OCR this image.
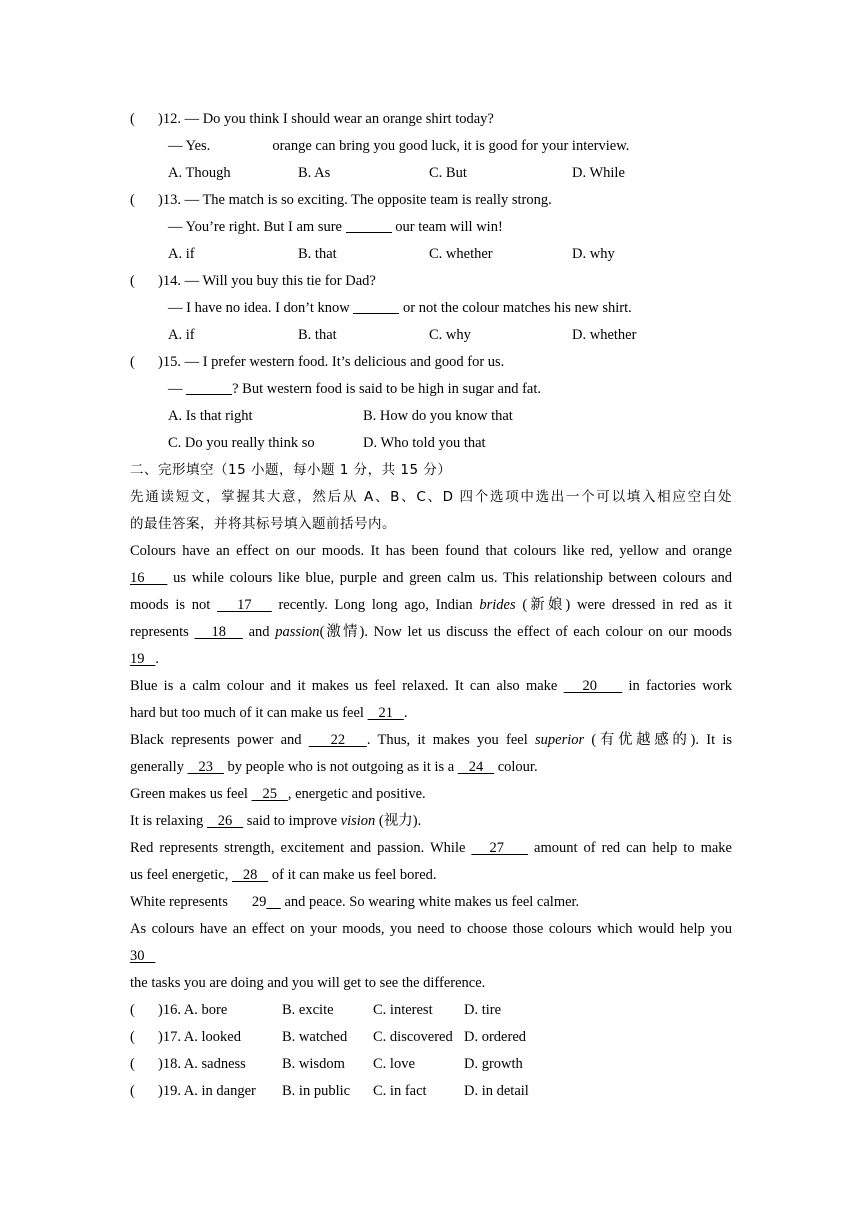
( )12. — Do you think I should wear an orange shirt today?
— Yes.	orange can bring you good luck, it is good for your interview.
A. Though	B. As	C. But	D. While
( )13. — The match is so exciting. The opposite team is really strong.
— You’re right. But I am sure	our team will win!
A. if	B. that	C. whether	D. why
( )14. — Will you buy this tie for Dad?
— I have no idea. I don’t know	or not the colour matches his new shirt.
A. if	B. that	C. why	D. whether
( )15. — I prefer western food. It’s delicious and good for us.
—	? But western food is said to be high in sugar and fat.
A. Is that right	B. How do you know that
C. Do you really think so	D. Who told you that
二、完形填空（15 小题，每小题 1 分，共 15 分）
先通读短文，掌握其大意，然后从 A、B、C、D 四个选项中选出一个可以填入相应空白处
的最佳答案，并将其标号填入题前括号内。
Colours have an effect on our moods. It has been found that colours like red, yellow and orange
16 us while colours like blue, purple and green calm us. This relationship between colours and
moods is not 17 recently. Long long ago, Indian brides (新娘) were dressed in red as it
represents 18 and passion(激情). Now let us discuss the effect of each colour on our moods
19 .
Blue is a calm colour and it makes us feel relaxed. It can also make 20 in factories work
hard but too much of it can make us feel 21 .
Black represents power and 22 . Thus, it makes you feel superior (有优越感的). It is
generally 23 by people who is not outgoing as it is a 24 colour.
Green makes us feel 25 , energetic and positive.
It is relaxing 26 said to improve vision (视力).
Red represents strength, excitement and passion. While 27 amount of red can help to make
us feel energetic, 28 of it can make us feel bored.
White represents 29 and peace. So wearing white makes us feel calmer.
As colours have an effect on your moods, you need to choose those colours which would help you
30
the tasks you are doing and you will get to see the difference.
( )16. A. bore	B. excite	C. interest D. tire
( )17. A. looked	B. watched C. discovered D. ordered
( )18. A. sadness B. wisdom C. love	D. growth
( )19. A. in danger B. in public C. in fact	D. in detail
